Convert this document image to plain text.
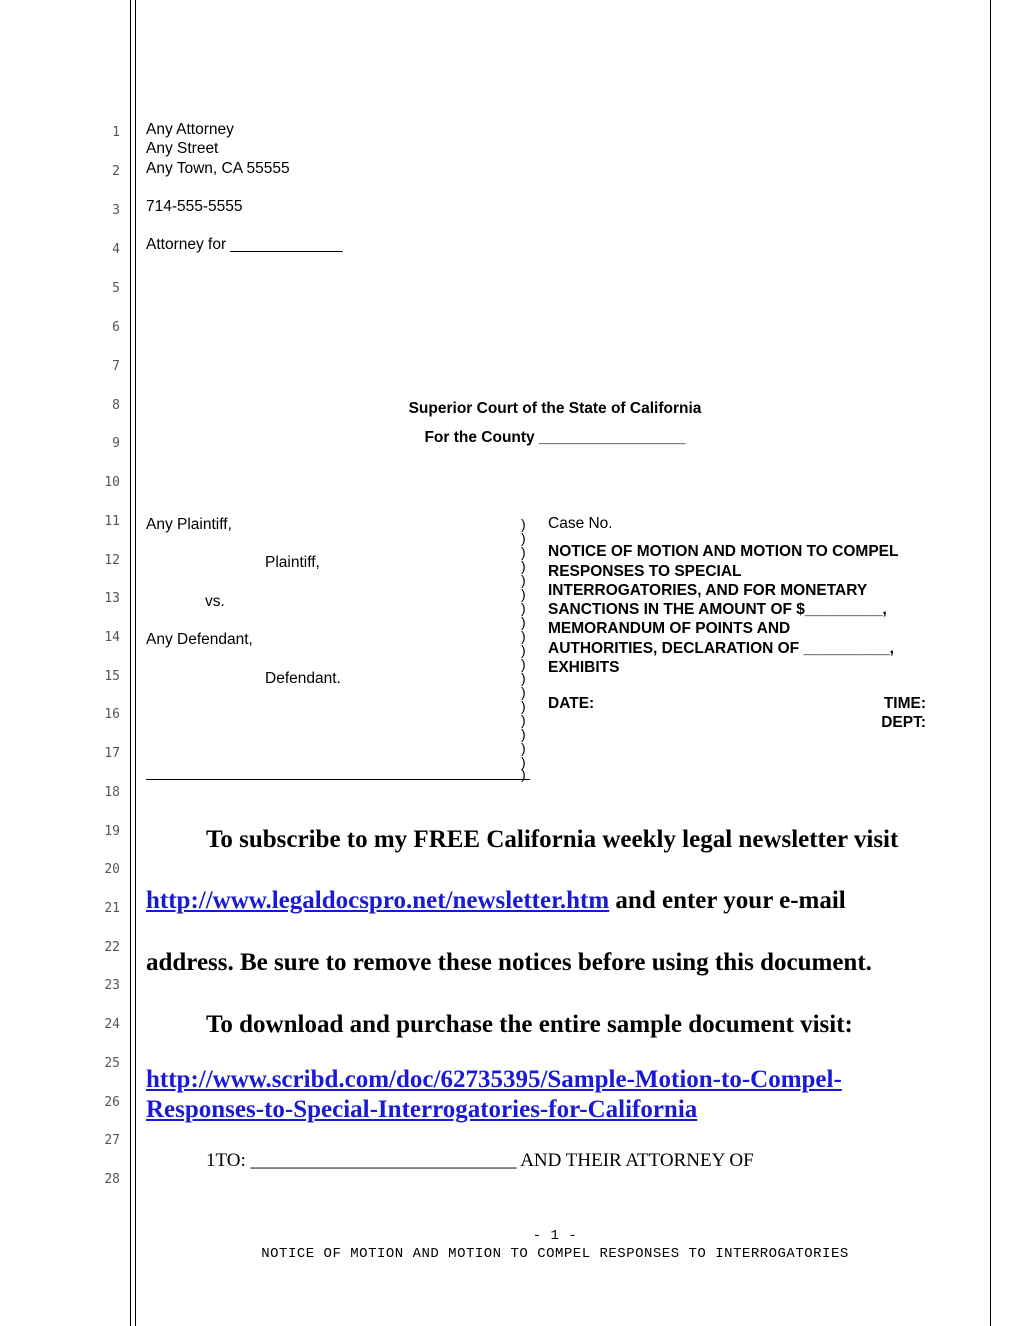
1
2
3
4
5
6
7
8
9
10
11
12
13
14
15
16
17
18
19
20
21
22
23
24
25
26
27
28
Any Attorney
Any Street
Any Town, CA 55555
714-555-5555
Attorney for _____________
Superior Court of the State of California
For the County _________________
Any Plaintiff,
Plaintiff,
vs.
Any Defendant,
Defendant.
)
)
)
)
)
)
)
)
)
)
)
)
)
)
)
)
)
)
)
Case No.
NOTICE OF MOTION AND MOTION TO COMPEL
RESPONSES TO SPECIAL
INTERROGATORIES, AND FOR MONETARY
SANCTIONS IN THE AMOUNT OF $_________,
MEMORANDUM OF POINTS AND
AUTHORITIES, DECLARATION OF __________,
EXHIBITS
DATE:	TIME:
DEPT:
To subscribe to my FREE California weekly legal newsletter visit
http://www.legaldocspro.net/newsletter.htm and enter your e-mail
address. Be sure to remove these notices before using this document.
To download and purchase the entire sample document visit:
http://www.scribd.com/doc/62735395/Sample-Motion-to-Compel-
Responses-to-Special-Interrogatories-for-California
1TO: ____________________________ AND THEIR ATTORNEY OF
- 1 -
NOTICE OF MOTION AND MOTION TO COMPEL RESPONSES TO INTERROGATORIES
